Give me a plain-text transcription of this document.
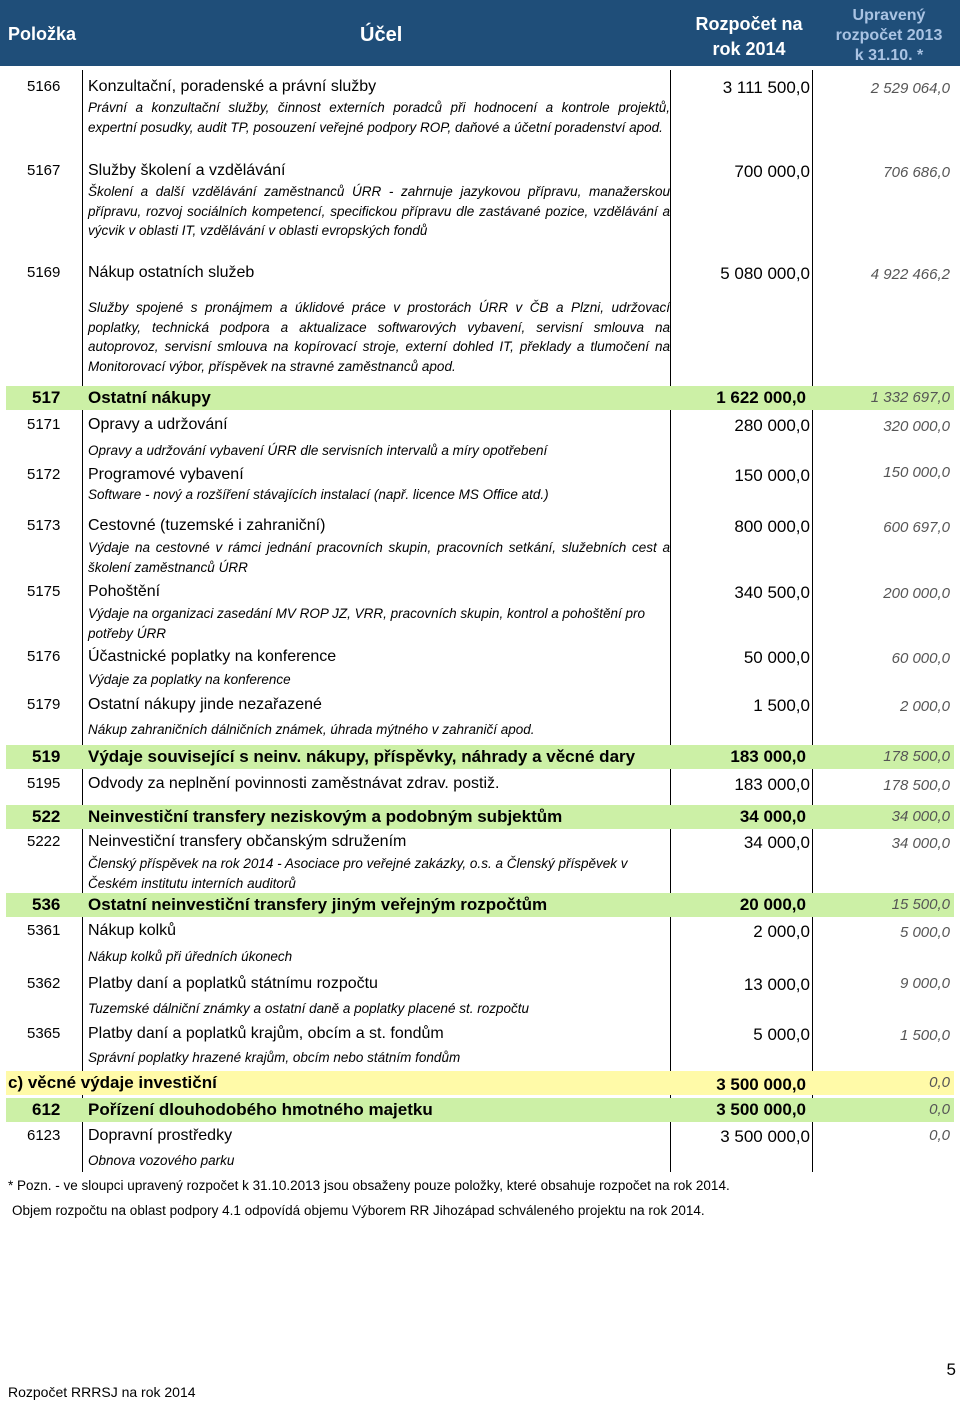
Položka	Účel	Rozpočet na
rok 2014
Upravený
rozpočet 2013
k 31.10. *
5166 Konzultační, poradenské a právní služby	3 111 500,0	2 529 064,0
Právní a konzultační služby, činnost externích poradců při hodnocení a kontrole projektů, expertní posudky, audit TP, posouzení veřejné podpory ROP, daňové a účetní poradenství apod.
5167 Služby školení a vzdělávání	700 000,0	706 686,0
Školení a další vzdělávání zaměstnanců ÚRR - zahrnuje jazykovou přípravu, manažerskou přípravu, rozvoj sociálních kompetencí, specifickou přípravu dle zastávané pozice, vzdělávání a výcvik v oblasti IT, vzdělávání v oblasti evropských fondů
5169 Nákup ostatních služeb	5 080 000,0	4 922 466,2
Služby spojené s pronájmem a úklidové práce v prostorách ÚRR v ČB a Plzni, udržovací poplatky, technická podpora a aktualizace softwarových vybavení, servisní smlouva na autoprovoz, servisní smlouva na kopírovací stroje, externí dohled IT, překlady a tlumočení na Monitorovací výbor, příspěvek na stravné zaměstnanců apod.
517 Ostatní nákupy	1 622 000,0	1 332 697,0
5171 Opravy a udržování	280 000,0	320 000,0
Opravy a udržování vybavení ÚRR dle servisních intervalů a míry opotřebení
5172 Programové vybavení	150 000,0	150 000,0
Software - nový a rozšíření stávajících instalací (např. licence MS Office atd.)
5173 Cestovné (tuzemské i zahraniční)	800 000,0	600 697,0
Výdaje na cestovné v rámci jednání pracovních skupin, pracovních setkání, služebních cest a školení zaměstnanců ÚRR
5175 Pohoštění	340 500,0	200 000,0
Výdaje na organizaci zasedání MV ROP JZ, VRR, pracovních skupin, kontrol a pohoštění pro potřeby ÚRR
5176 Účastnické poplatky na konference	50 000,0	60 000,0
Výdaje za poplatky na konference
5179 Ostatní nákupy jinde nezařazené	1 500,0	2 000,0
Nákup zahraničních dálničních známek, úhrada mýtného v zahraničí apod.
519 Výdaje související s neinv. nákupy, příspěvky, náhrady a věcné dary	183 000,0	178 500,0
5195 Odvody za neplnění povinnosti zaměstnávat zdrav. postiž.	183 000,0	178 500,0
522 Neinvestiční transfery neziskovým a podobným subjektům	34 000,0	34 000,0
5222 Neinvestiční transfery občanským sdružením	34 000,0	34 000,0
Členský příspěvek na rok 2014 - Asociace pro veřejné zakázky, o.s. a Členský příspěvek v Českém institutu interních auditorů
536 Ostatní neinvestiční transfery jiným veřejným rozpočtům	20 000,0	15 500,0
5361 Nákup kolků	2 000,0	5 000,0
Nákup kolků při úředních úkonech
5362 Platby daní a poplatků státnímu rozpočtu	13 000,0	9 000,0
Tuzemské dálniční známky a ostatní daně a poplatky placené st. rozpočtu
5365 Platby daní a poplatků krajům, obcím a st. fondům	5 000,0	1 500,0
Správní poplatky hrazené krajům, obcím nebo státním fondům
c) věcné výdaje investiční	3 500 000,0	0,0
612 Pořízení dlouhodobého hmotného majetku	3 500 000,0	0,0
6123 Dopravní prostředky	3 500 000,0	0,0
Obnova vozového parku
* Pozn. - ve sloupci upravený rozpočet k 31.10.2013 jsou obsaženy pouze položky, které obsahuje rozpočet na rok 2014.
Objem rozpočtu na oblast podpory 4.1 odpovídá objemu Výborem RR Jihozápad schváleného projektu na rok 2014.
Rozpočet RRRSJ na rok 2014
5
